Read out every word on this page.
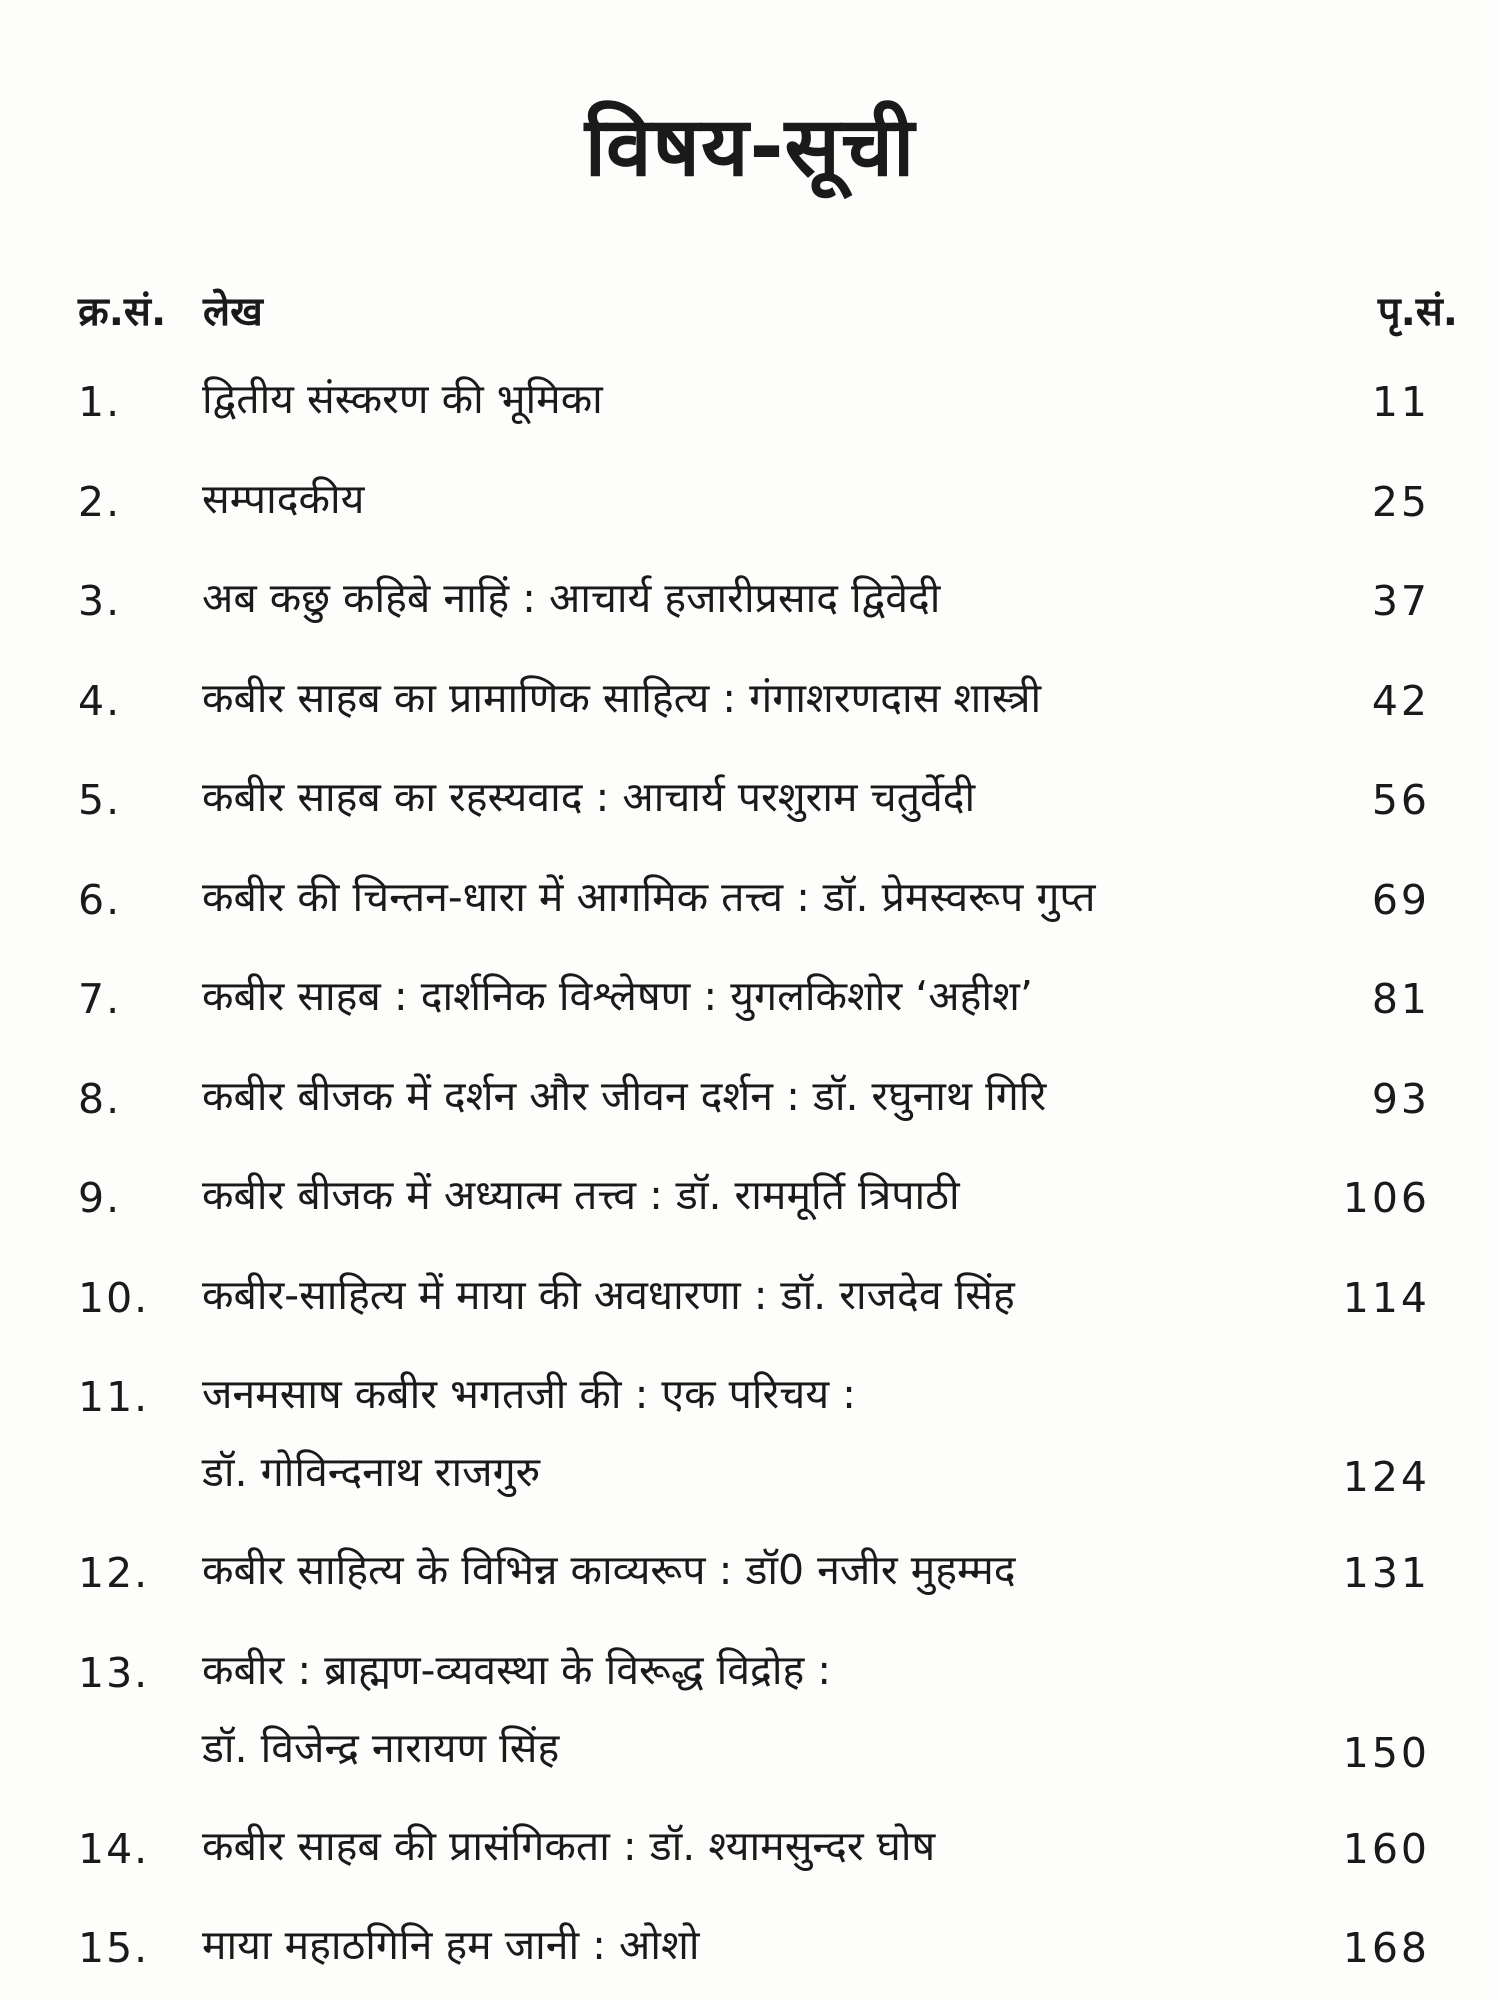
विषय-सूची
क्र.सं. लेख	पृ.सं.
1. द्वितीय संस्करण की भूमिका	11
2. सम्पादकीय	25
3. अब कछु कहिबे नाहिं : आचार्य हजारीप्रसाद द्विवेदी	37
4. कबीर साहब का प्रामाणिक साहित्य : गंगाशरणदास शास्त्री	42
5. कबीर साहब का रहस्यवाद : आचार्य परशुराम चतुर्वेदी	56
6. कबीर की चिन्तन-धारा में आगमिक तत्त्व : डॉ. प्रेमस्वरूप गुप्त	69
7. कबीर साहब : दार्शनिक विश्लेषण : युगलकिशोर ‘अहीश’	81
8. कबीर बीजक में दर्शन और जीवन दर्शन : डॉ. रघुनाथ गिरि	93
9. कबीर बीजक में अध्यात्म तत्त्व : डॉ. राममूर्ति त्रिपाठी	106
10. कबीर-साहित्य में माया की अवधारणा : डॉ. राजदेव सिंह	114
11. जनमसाष कबीर भगतजी की : एक परिचय :
डॉ. गोविन्दनाथ राजगुरु	124
12. कबीर साहित्य के विभिन्न काव्यरूप : डॉ0 नजीर मुहम्मद	131
13. कबीर : ब्राह्मण-व्यवस्था के विरूद्ध विद्रोह :
डॉ. विजेन्द्र नारायण सिंह	150
14. कबीर साहब की प्रासंगिकता : डॉ. श्यामसुन्दर घोष	160
15. माया महाठगिनि हम जानी : ओशो	168
